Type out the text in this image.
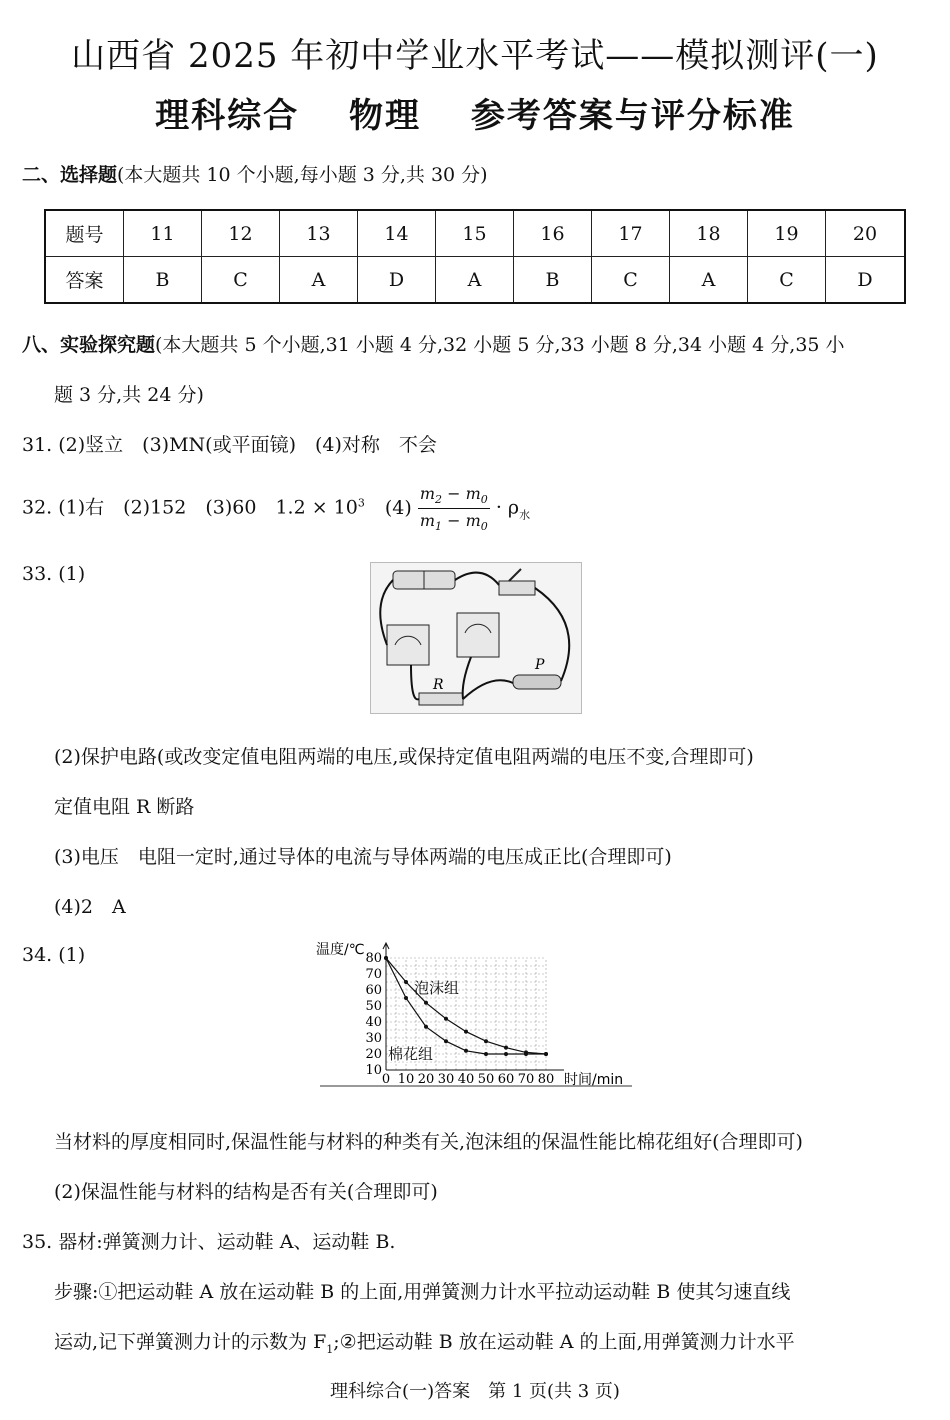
山西省 2025 年初中学业水平考试——模拟测评(一)
理科综合 物理 参考答案与评分标准
二、选择题(本大题共 10 个小题,每小题 3 分,共 30 分)
题号	11	12	13	14	15	16	17	18	19	20
答案	B	C	A	D	A	B	C	A	C	D
八、实验探究题(本大题共 5 个小题,31 小题 4 分,32 小题 5 分,33 小题 8 分,34 小题 4 分,35 小
题 3 分,共 24 分)
31. (2)竖立　(3)MN(或平面镜)　(4)对称　不会
32. (1)右　(2)152　(3)60　$1.2 \times 10^3$ $(4) \frac{m_2 - m_0}{m_1 - m_0} \cdot \rho_水$
33. (1)
R
P
(2)保护电路(或改变定值电阻两端的电压,或保持定值电阻两端的电压不变,合理即可)
定值电阻 R 断路
(3)电压　电阻一定时,通过导体的电流与导体两端的电压成正比(合理即可)
(4)2　A
34. (1)
0 10 20 30 40 50 60 70 80
10
20
30
40
50
60
70
80
温度/℃
时间/min
泡沫组
棉花组
当材料的厚度相同时,保温性能与材料的种类有关,泡沫组的保温性能比棉花组好(合理即可)
(2)保温性能与材料的结构是否有关(合理即可)
35. 器材:弹簧测力计、运动鞋 A、运动鞋 B.
步骤:①把运动鞋 A 放在运动鞋 B 的上面,用弹簧测力计水平拉动运动鞋 B 使其匀速直线
运动,记下弹簧测力计的示数为 $F_1;②$把运动鞋 B 放在运动鞋 A 的上面,用弹簧测力计水平
理科综合(一)答案　第 1 页(共 3 页)
